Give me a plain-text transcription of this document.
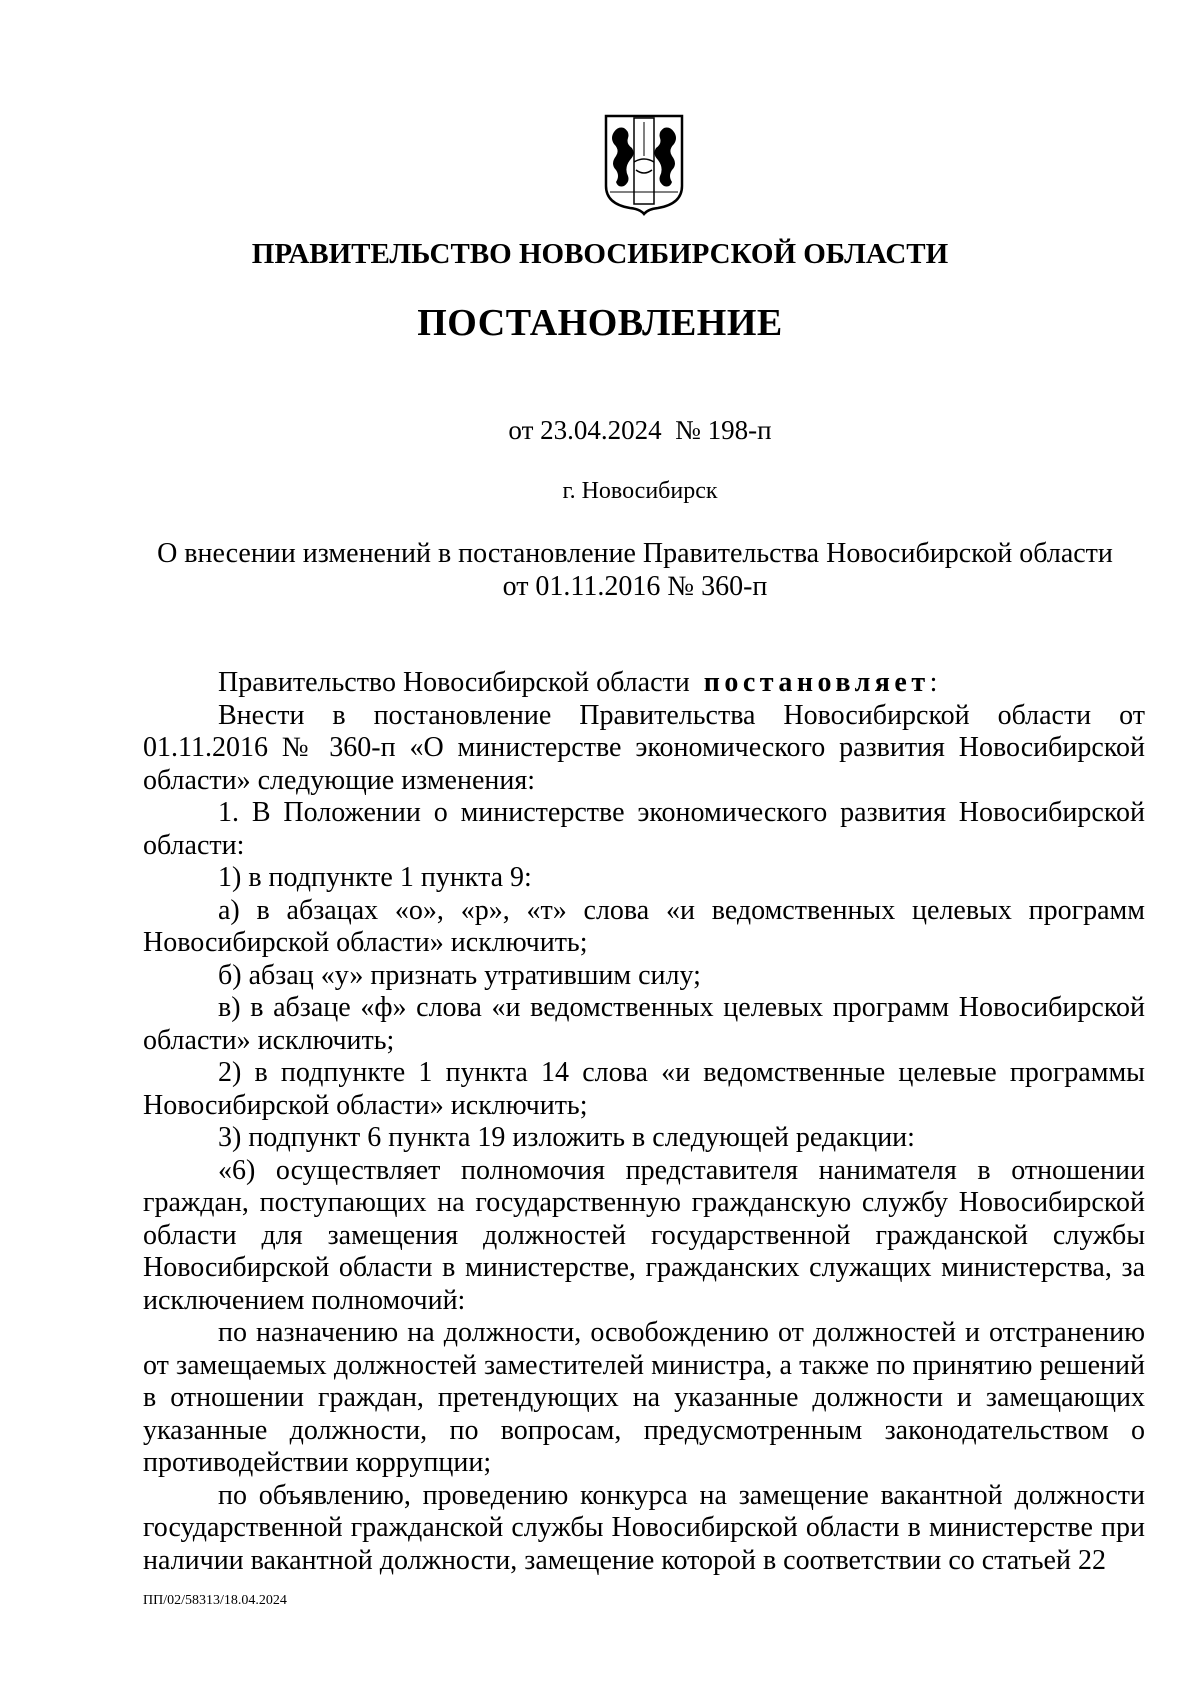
ПРАВИТЕЛЬСТВО НОВОСИБИРСКОЙ ОБЛАСТИ
ПОСТАНОВЛЕНИЕ
от 23.04.2024  № 198-п
г. Новосибирск
О внесении изменений в постановление Правительства Новосибирской области
от 01.11.2016 № 360-п

Правительство Новосибирской области постановляет:

Внести в постановление Правительства Новосибирской области от 01.11.2016 № 360-п «О министерстве экономического развития Новосибирской области» следующие изменения:

1. В Положении о министерстве экономического развития Новосибирской области:

1) в подпункте 1 пункта 9:

а) в абзацах «о», «р», «т» слова «и ведомственных целевых программ Новосибирской области» исключить;

б) абзац «у» признать утратившим силу;

в) в абзаце «ф» слова «и ведомственных целевых программ Новосибирской области» исключить;

2) в подпункте 1 пункта 14 слова «и ведомственные целевые программы Новосибирской области» исключить;

3) подпункт 6 пункта 19 изложить в следующей редакции:

«6) осуществляет полномочия представителя нанимателя в отношении граждан, поступающих на государственную гражданскую службу Новосибирской области для замещения должностей государственной гражданской службы Новосибирской области в министерстве, гражданских служащих министерства, за исключением полномочий:

по назначению на должности, освобождению от должностей и отстранению от замещаемых должностей заместителей министра, а также по принятию решений в отношении граждан, претендующих на указанные должности и замещающих указанные должности, по вопросам, предусмотренным законодательством о противодействии коррупции;

по объявлению, проведению конкурса на замещение вакантной должности государственной гражданской службы Новосибирской области в министерстве при наличии вакантной должности, замещение которой в соответствии со статьей 22

ПП/02/58313/18.04.2024
